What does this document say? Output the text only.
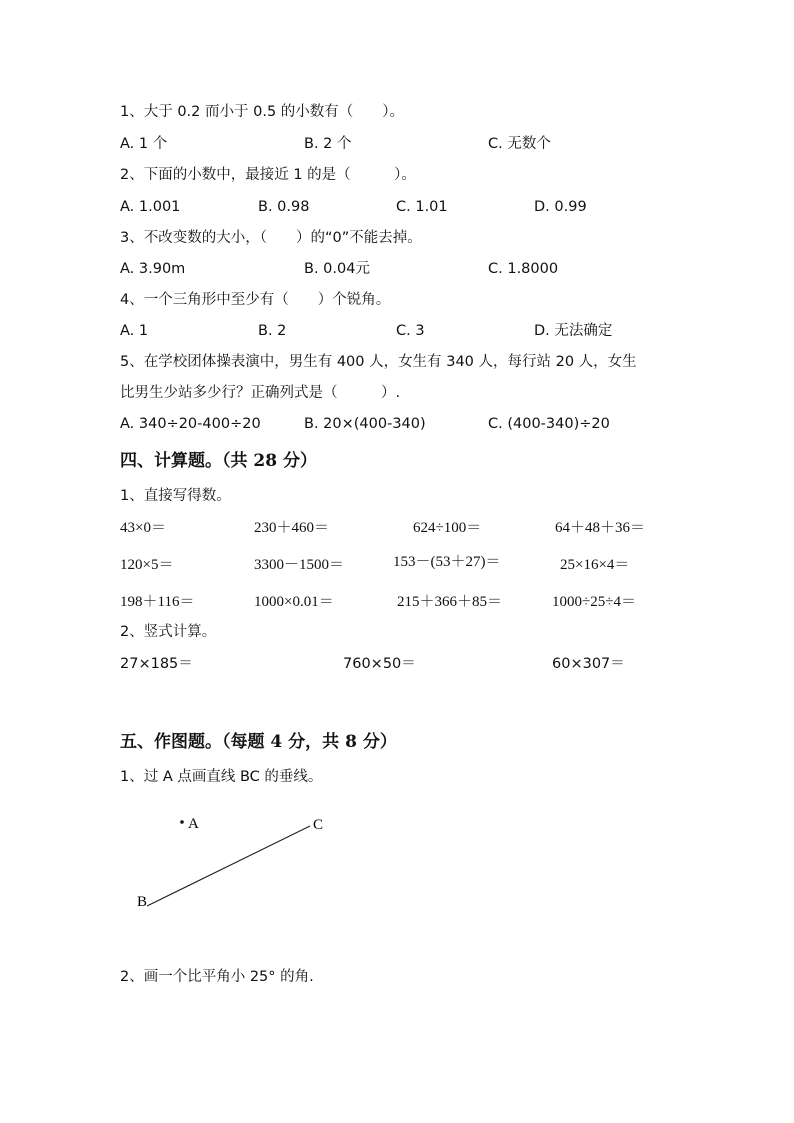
1、大于 0.2 而小于 0.5 的小数有（　　）。
A. 1 个	B. 2 个	C. 无数个
2、下面的小数中，最接近 1 的是（　　　）。
A. 1.001	B. 0.98	C. 1.01	D. 0.99
3、不改变数的大小，（　　）的“0”不能去掉。
A. 3.90m	B. 0.04元	C. 1.8000
4、一个三角形中至少有（　　）个锐角。
A. 1	B. 2	C. 3	D. 无法确定
5、在学校团体操表演中，男生有 400 人，女生有 340 人，每行站 20 人，女生
比男生少站多少行？正确列式是（　　　）.
A. 340÷20-400÷20	B. 20×(400-340)	C. (400-340)÷20
四、计算题。（共 28 分）
1、直接写得数。
43×0＝	230＋460＝	624÷100＝	64＋48＋36＝
120×5＝	3300－1500＝	153－(53＋27)＝	25×16×4＝
198＋116＝	1000×0.01＝	215＋366＋85＝	1000÷25÷4＝
2、竖式计算。
27×185＝	760×50＝	60×307＝
五、作图题。（每题 4 分，共 8 分）
1、过 A 点画直线 BC 的垂线。
A	C
B
2、画一个比平角小 25° 的角.
